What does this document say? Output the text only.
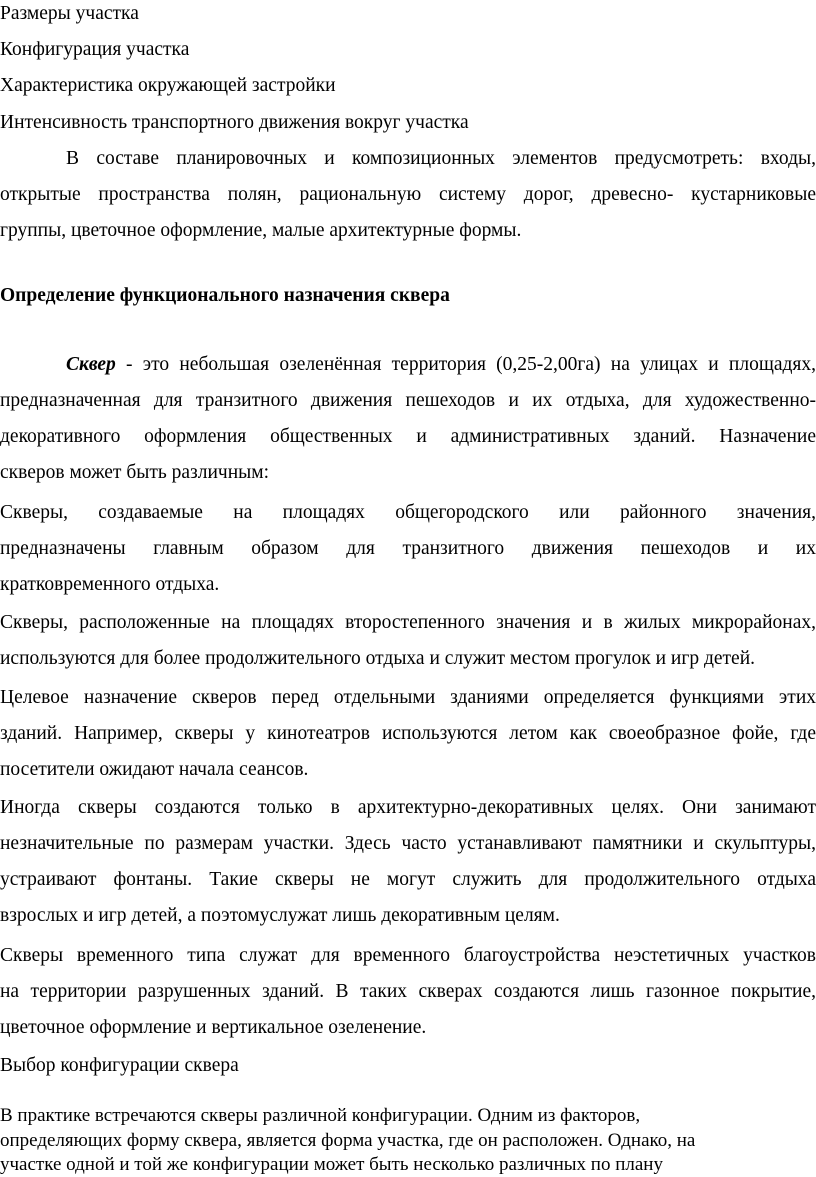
Размеры участка
Конфигурация участка
Характеристика окружающей застройки
Интенсивность транспортного движения вокруг участка
В составе планировочных и композиционных элементов предусмотреть: входы,
открытые пространства полян, рациональную систему дорог, древесно- кустарниковые
группы, цветочное оформление, малые архитектурные формы.
Определение функционального назначения сквера
Сквер - это небольшая озеленённая территория (0,25-2,00га) на улицах и площадях,
предназначенная для транзитного движения пешеходов и их отдыха, для художественно-
декоративного оформления общественных и административных зданий. Назначение
скверов может быть различным:
Скверы, создаваемые на площадях общегородского или районного значения,
предназначены главным образом для транзитного движения пешеходов и их
кратковременного отдыха.
Скверы, расположенные на площадях второстепенного значения и в жилых микрорайонах,
используются для более продолжительного отдыха и служит местом прогулок и игр детей.
Целевое назначение скверов перед отдельными зданиями определяется функциями этих
зданий. Например, скверы у кинотеатров используются летом как своеобразное фойе, где
посетители ожидают начала сеансов.
Иногда скверы создаются только в архитектурно-декоративных целях. Они занимают
незначительные по размерам участки. Здесь часто устанавливают памятники и скульптуры,
устраивают фонтаны. Такие скверы не могут служить для продолжительного отдыха
взрослых и игр детей, а поэтомуслужат лишь декоративным целям.
Скверы временного типа служат для временного благоустройства неэстетичных участков
на территории разрушенных зданий. В таких скверах создаются лишь газонное покрытие,
цветочное оформление и вертикальное озеленение.
Выбор конфигурации сквера
В практике встречаются скверы различной конфигурации. Одним из факторов,
определяющих форму сквера, является форма участка, где он расположен. Однако, на
участке одной и той же конфигурации может быть несколько различных по плану
